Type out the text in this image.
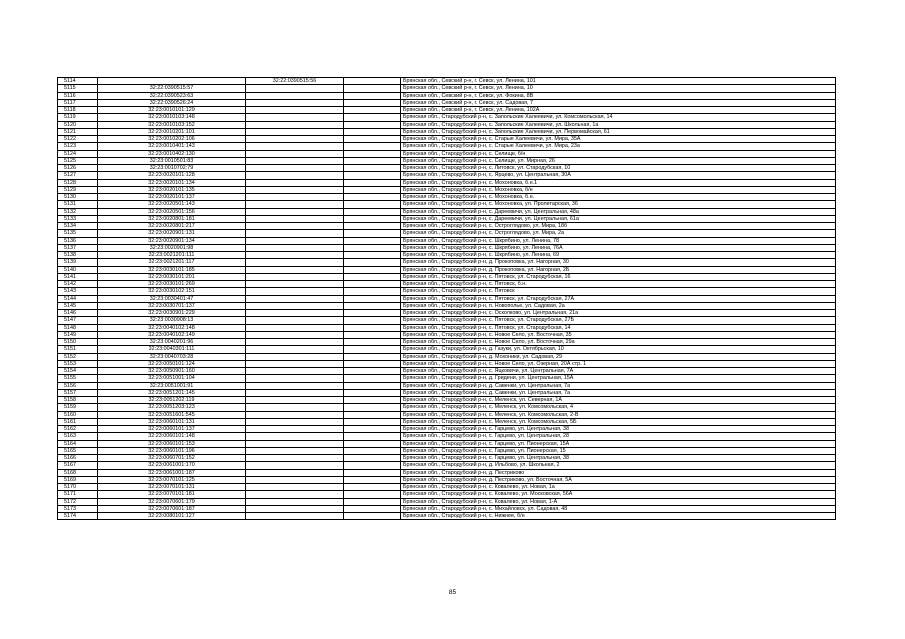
5114		32:22:0390515:56		Брянская обл., Севский р-н, г. Севск, ул. Ленина, 101
5115	32:22:0390515:57			Брянская обл., Севский р-н, г. Севск, ул. Ленина, 10
5116	32:22:0390523:63			Брянская обл., Севский р-н, г. Севск, ул. Фокина, 8В
5117	32:22:0390526:24			Брянская обл., Севский р-н, г. Севск, ул. Садовая, 7
5118	32:23:0010101:129			Брянская обл., Севский р-н, г. Севск, ул. Ленина, 102А
5119	32:23:0010103:148			Брянская обл., Стародубский р-н, с. Запольские Халеевичи, ул. Комсомольская, 14
5120	32:23:0010103:152			Брянская обл., Стародубский р-н, с. Запольские Халеевичи, ул. Школьная, 1а
5121	32:23:0010201:101			Брянская обл., Стародубский р-н, с. Запольские Халеевичи, ул. Первомайская, 61
5122	32:23:0010202:106			Брянская обл., Стародубский р-н, с. Старые Халеевичи, ул. Мира, 35А
5123	32:23:0010401:143			Брянская обл., Стародубский р-н, с. Старые Халеевичи, ул. Мира, 23а
5124	32:23:0010402:130			Брянская обл., Стародубский р-н, с. Селище, б/н
5125	32:23:0010501:83			Брянская обл., Стародубский р-н, с. Селище, ул. Мирная, 26
5126	32:23:0010702:79			Брянская обл., Стародубский р-н, с. Литовск, ул. Стародубская, 10
5127	32:23:0020101:128			Брянская обл., Стародубский р-н, с. Ярцево, ул. Центральная, 30А
5128	32:23:0020101:134			Брянская обл., Стародубский р-н, с. Мохоновка, б.н.1
5129	32:23:0020101:135			Брянская обл., Стародубский р-н, с. Мохоновка, б/н
5130	32:23:0020101:137			Брянская обл., Стародубский р-н, с. Мохоновка, б.н.
5131	32:23:0020501:143			Брянская обл., Стародубский р-н, с. Мохоновка, ул. Пролетарская, 36
5132	32:23:0020501:156			Брянская обл., Стародубский р-н, с. Дареевичи, ул. Центральная, 48а
5133	32:23:0020801:181			Брянская обл., Стародубский р-н, с. Дареевичи, ул. Центральная, 61а
5134	32:23:0020801:217			Брянская обл., Стародубский р-н, с. Остроглядово, ул. Мира, 18б
5135	32:23:0020901:131			Брянская обл., Стародубский р-н, с. Остроглядово, ул. Мира, 2а
5136	32:23:0020901:134			Брянская обл., Стародубский р-н, с. Шкрябино, ул. Ленина, 78
5137	32:23:0020901:98			Брянская обл., Стародубский р-н, с. Шкрябино, ул. Ленина, 76А
5138	32:23:0021201:111			Брянская обл., Стародубский р-н, с. Шкрябино, ул. Ленина, 69
5139	32:23:0021201:117			Брянская обл., Стародубский р-н, д. Прокоповка, ул. Нагорная, 30
5140	32:23:0030101:185			Брянская обл., Стародубский р-н, д. Прокоповка, ул. Нагорная, 2Б
5141	32:23:0030101:201			Брянская обл., Стародубский р-н, с. Пятовск, ул. Стародубская, 16
5142	32:23:0030101:269			Брянская обл., Стародубский р-н, с. Пятовск, б.н.
5143	32:23:0030102:151			Брянская обл., Стародубский р-н, с. Пятовск
5144	32:23:0030401:47			Брянская обл., Стародубский р-н, с. Пятовск, ул. Стародубская, 27А
5145	32:23:0030701:137			Брянская обл., Стародубский р-н, п. Новополье, ул. Садовая, 2а
5146	32:23:0030901:229			Брянская обл., Стародубский р-н, с. Осколково, ул. Центральная, 21а
5147	32:23:0030908:13			Брянская обл., Стародубский р-н, с. Пятовск, ул. Стародубская, 27Б
5148	32:23:0040102:148			Брянская обл., Стародубский р-н, с. Пятовск, ул. Стародубская, 14
5149	32:23:0040102:149			Брянская обл., Стародубский р-н, с. Новое Село, ул. Восточная, 35
5150	32:23:0040201:96			Брянская обл., Стародубский р-н, с. Новое Село, ул. Восточная, 29а
5151	32:23:0040301:111			Брянская обл., Стародубский р-н, д. Газуки, ул. Октябрьская, 10
5152	32:23:0040703:28			Брянская обл., Стародубский р-н, д. Мохоники, ул. Садовая, 29
5153	32:23:0050101:124			Брянская обл., Стародубский р-н, с. Новое Село, ул. Озерная, 20А стр. 1
5154	32:23:0050901:160			Брянская обл., Стародубский р-н, с. Яцковичи, ул. Центральная, 7А
5155	32:23:0051001:104			Брянская обл., Стародубский р-н, д. Гридени, ул. Центральная, 15А
5156	32:23:0051001:91			Брянская обл., Стародубский р-н, д. Савенки, ул. Центральная, 7а
5157	32:23:0051201:145			Брянская обл., Стародубский р-н, д. Савенки, ул. Центральная, 7а
5158	32:23:0051202:119			Брянская обл., Стародубский р-н, с. Меленск, ул. Северная, 1А
5159	32:23:0051203:123			Брянская обл., Стародубский р-н, с. Меленск, ул. Комсомольская, 4
5160	32:23:0051601:545			Брянская обл., Стародубский р-н, с. Меленск, ул. Комсомольская, 2-В
5161	32:23:0060101:131			Брянская обл., Стародубский р-н, с. Меленск, ул. Комсомольская, 5Б
5162	32:23:0060101:137			Брянская обл., Стародубский р-н, с. Гарцево, ул. Центральная, 38
5163	32:23:0060101:148			Брянская обл., Стародубский р-н, с. Гарцево, ул. Центральная, 28
5164	32:23:0060101:153			Брянская обл., Стародубский р-н, с. Гарцево, ул. Пионерская, 15А
5165	32:23:0060101:196			Брянская обл., Стародубский р-н, с. Гарцево, ул. Пионерская, 15
5166	32:23:0060701:152			Брянская обл., Стародубский р-н, с. Гарцево, ул. Центральная, 38
5167	32:23:0061001:170			Брянская обл., Стародубский р-н, д. Ильбово, ул. Школьная, 2
5168	32:23:0061001:187			Брянская обл., Стародубский р-н, д. Пестриково
5169	32:23:0070101:125			Брянская обл., Стародубский р-н, д. Пестриково, ул. Восточная, 5А
5170	32:23:0070101:131			Брянская обл., Стародубский р-н, с. Ковалево, ул. Новая, 1а
5171	32:23:0070101:181			Брянская обл., Стародубский р-н, с. Ковалево, ул. Московская, 56А
5172	32:23:0070601:179			Брянская обл., Стародубский р-н, с. Ковалево, ул. Новая, 1-А
5173	32:23:0070601:187			Брянская обл., Стародубский р-н, с. Михайловск, ул. Садовая, 48
5174	32:23:0080101:127			Брянская обл., Стародубский р-н, с. Нижнее, б/н
85
